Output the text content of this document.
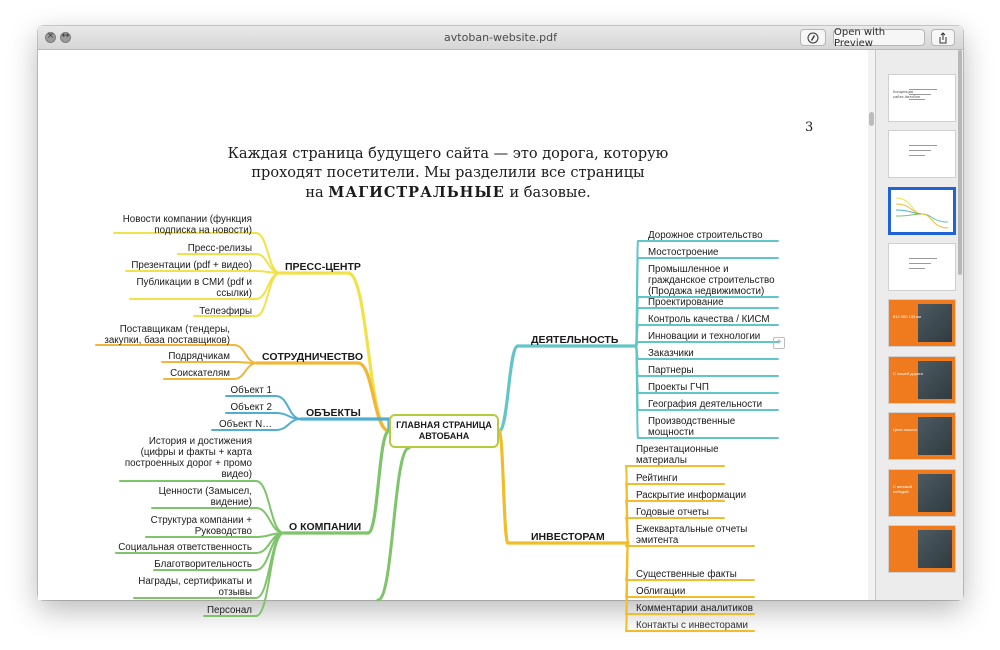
× ↔	avtoban-website.pdf	Open with Preview
3
Каждая страница будущего сайта — это дорога, которую
проходят посетители. Мы разделили все страницы
на МАГИСТРАЛЬНЫЕ и базовые.
ГЛАВНАЯ СТРАНИЦА
АВТОБАНА
+
ПРЕСС-ЦЕНТР
Новости компании (функция
подписка на новости)
Пресс-релизы
Презентации (pdf + видео)
Публикации в СМИ (pdf и
ссылки)
Телеэфиры
СОТРУДНИЧЕСТВО
Поставщикам (тендеры,
закупки, база поставщиков)
Подрядчикам
Соискателям
ОБЪЕКТЫ
Объект 1
Объект 2
Объект N…
О КОМПАНИИ
История и достижения
(цифры и факты + карта
построенных дорог + промо
видео)
Ценности (Замысел,
видение)
Структура компании +
Руководство
Социальная ответственность
Благотворительность
Награды, сертификаты и
отзывы
Персонал
ДЕЯТЕЛЬНОСТЬ
Дорожное строительство
Мостостроение
Промышленное и
гражданское строительство
(Продажа недвижимости)
Проектирование
Контроль качества / КИСМ
Инновации и технологии
Заказчики
Партнеры
Проекты ГЧП
География деятельности
Производственные
мощности
ИНВЕСТОРАМ
Презентационные
материалы
Рейтинги
Раскрытие информации
Годовые отчеты
Ежеквартальные отчеты
эмитента
Существенные факты
Облигации
Комментарии аналитиков
Контакты с инвесторами
Концепция сайта Автобан
812 000 133 км
С нашей дороги
Цели нашего
С великой победой
